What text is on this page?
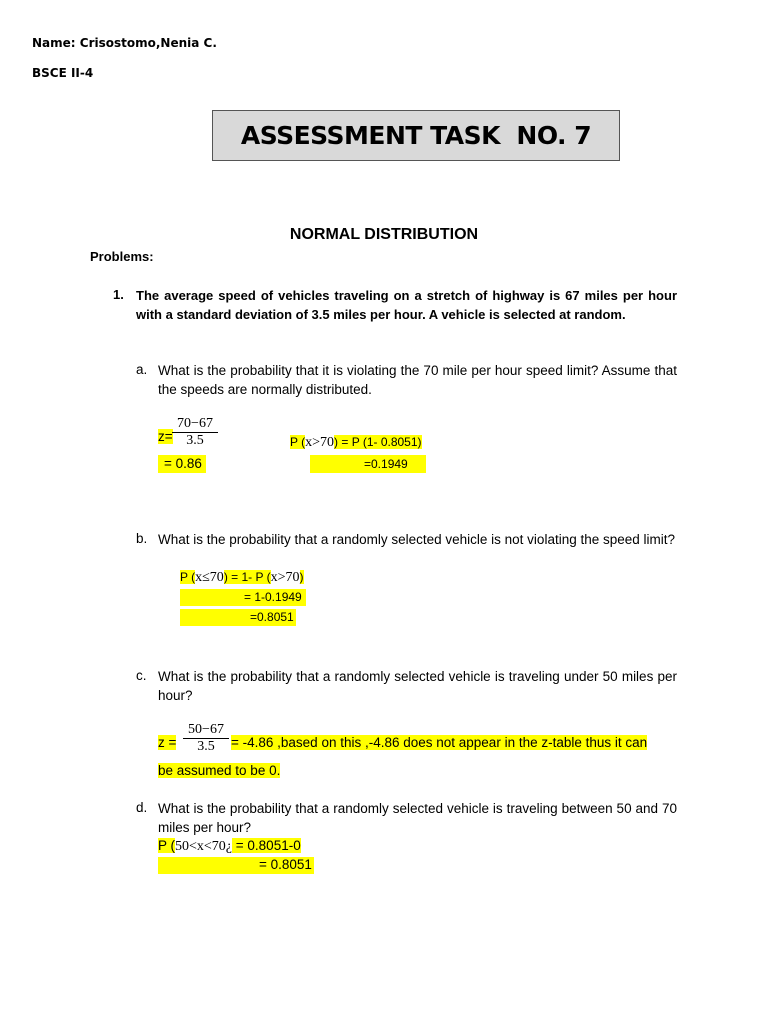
Name: Crisostomo,Nenia C.
BSCE II-4
ASSESSMENT TASK  NO. 7
NORMAL DISTRIBUTION
Problems:
1. The average speed of vehicles traveling on a stretch of highway is 67 miles per hour with a standard deviation of 3.5 miles per hour. A vehicle is selected at random.
a. What is the probability that it is violating the 70 mile per hour speed limit? Assume that the speeds are normally distributed.
$z= \frac{70-67}{3.5}$
= 0.86
P (x>70) = P (1- 0.8051)
=0.1949
b. What is the probability that a randomly selected vehicle is not violating the speed limit?
P (x≤70) = 1- P (x>70)
= 1-0.1949
=0.8051
c. What is the probability that a randomly selected vehicle is traveling under 50 miles per hour?
$z = \frac{50-67}{3.5} = -4.86$ ,based on this ,-4.86 does not appear in the z-table thus it can
be assumed to be 0.
d. What is the probability that a randomly selected vehicle is traveling between 50 and 70 miles per hour?
P (50<x<70¿ = 0.8051-0
= 0.8051
